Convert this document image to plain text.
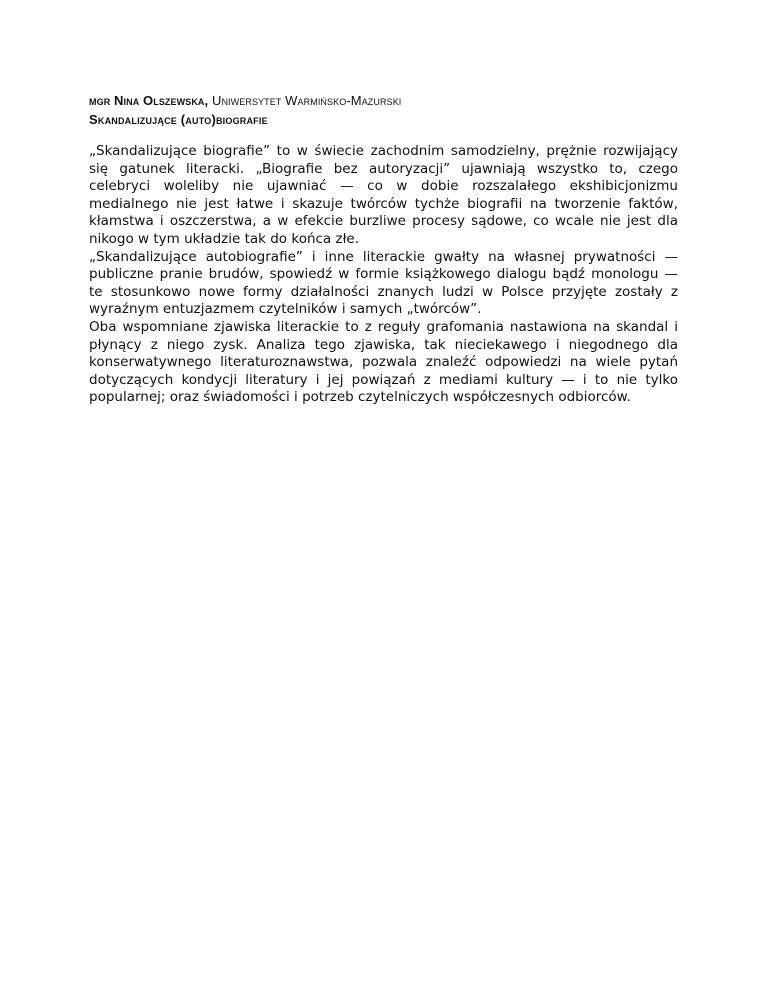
mgr Nina Olszewska, Uniwersytet Warmińsko-Mazurski

Skandalizujące (auto)biografie

„Skandalizujące biografie” to w świecie zachodnim samodzielny, prężnie rozwijający się gatunek literacki. „Biografie bez autoryzacji” ujawniają wszystko to, czego celebryci woleliby nie ujawniać — co w dobie rozszalałego ekshibicjonizmu medialnego nie jest łatwe i skazuje twórców tychże biografii na tworzenie faktów, kłamstwa i oszczerstwa, a w efekcie burzliwe procesy sądowe, co wcale nie jest dla nikogo w tym układzie tak do końca złe.

„Skandalizujące autobiografie” i inne literackie gwałty na własnej prywatności — publiczne pranie brudów, spowiedź w formie książkowego dialogu bądź monologu — te stosunkowo nowe formy działalności znanych ludzi w Polsce przyjęte zostały z wyraźnym entuzjazmem czytelników i samych „twórców”.

Oba wspomniane zjawiska literackie to z reguły grafomania nastawiona na skandal i płynący z niego zysk. Analiza tego zjawiska, tak nieciekawego i niegodnego dla konserwatywnego literaturoznawstwa, pozwala znaleźć odpowiedzi na wiele pytań dotyczących kondycji literatury i jej powiązań z mediami kultury — i to nie tylko popularnej; oraz świadomości i potrzeb czytelniczych współczesnych odbiorców.
